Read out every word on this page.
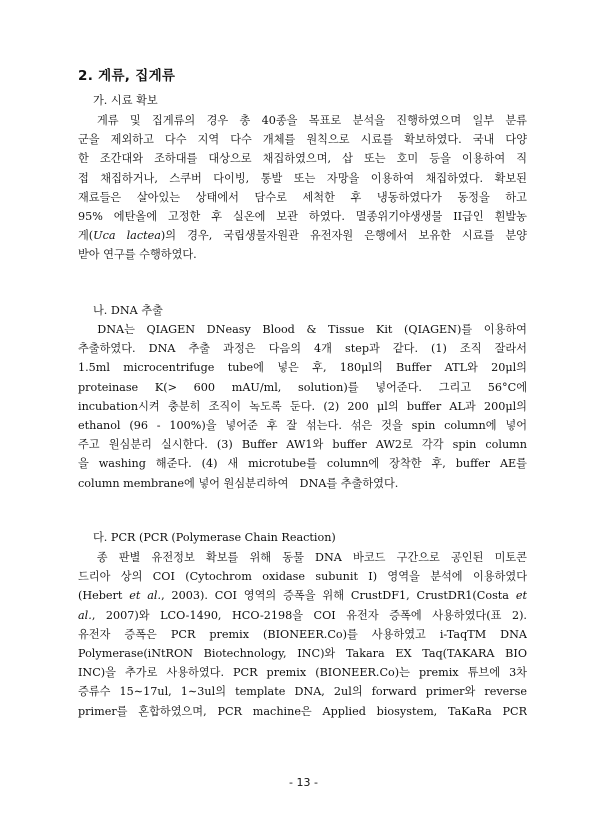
2. 게류, 집게류
가. 시료 확보
　게류 및 집게류의 경우 총 40종을 목표로 분석을 진행하였으며 일부 분류
군을 제외하고 다수 지역 다수 개체를 원칙으로 시료를 확보하였다. 국내 다양
한 조간대와 조하대를 대상으로 채집하였으며, 삽 또는 호미 등을 이용하여 직
접 채집하거나, 스쿠버 다이빙, 통발 또는 자망을 이용하여 채집하였다. 확보된
재료들은 살아있는 상태에서 담수로 세척한 후 냉동하였다가 동정을 하고
95% 에탄올에 고정한 후 실온에 보관 하였다. 멸종위기야생생물 II급인 흰발농
게(Uca lactea)의 경우, 국립생물자원관 유전자원 은행에서 보유한 시료를 분양
받아 연구를 수행하였다.
나. DNA 추출
　DNA는 QIAGEN DNeasy Blood & Tissue Kit (QIAGEN)를 이용하여
추출하였다. DNA 추출 과정은 다음의 4개 step과 같다. (1) 조직 잘라서
1.5ml microcentrifuge tube에 넣은 후, 180μl의 Buffer ATL와 20μl의
proteinase K(> 600 mAU/ml, solution)를 넣어준다. 그리고 56°C에
incubation시켜 충분히 조직이 녹도록 둔다. (2) 200 μl의 buffer AL과 200μl의
ethanol (96 - 100%)을 넣어준 후 잘 섞는다. 섞은 것을 spin column에 넣어
주고 원심분리 실시한다. (3) Buffer AW1와 buffer AW2로 각각 spin column
을 washing 해준다. (4) 새 microtube를 column에 장착한 후, buffer AE를
column membrane에 넣어 원심분리하여　DNA를 추출하였다.
다. PCR (PCR (Polymerase Chain Reaction)
　종 판별 유전정보 확보를 위해 동물 DNA 바코드 구간으로 공인된 미토콘
드리아 상의 COI (Cytochrom oxidase subunit I) 영역을 분석에 이용하였다
(Hebert et al., 2003). COI 영역의 증폭을 위해 CrustDF1, CrustDR1(Costa et
al., 2007)와 LCO-1490, HCO-2198을 COI 유전자 증폭에 사용하였다(표 2).
유전자 증폭은 PCR premix (BIONEER.Co)를 사용하였고 i-TaqTM DNA
Polymerase(iNtRON Biotechnology, INC)와 Takara EX Taq(TAKARA BIO
INC)을 추가로 사용하였다. PCR premix (BIONEER.Co)는 premix 튜브에 3차
증류수 15∼17ul, 1∼3ul의 template DNA, 2ul의 forward primer와 reverse
primer를 혼합하였으며, PCR machine은 Applied biosystem, TaKaRa PCR
- 13 -
